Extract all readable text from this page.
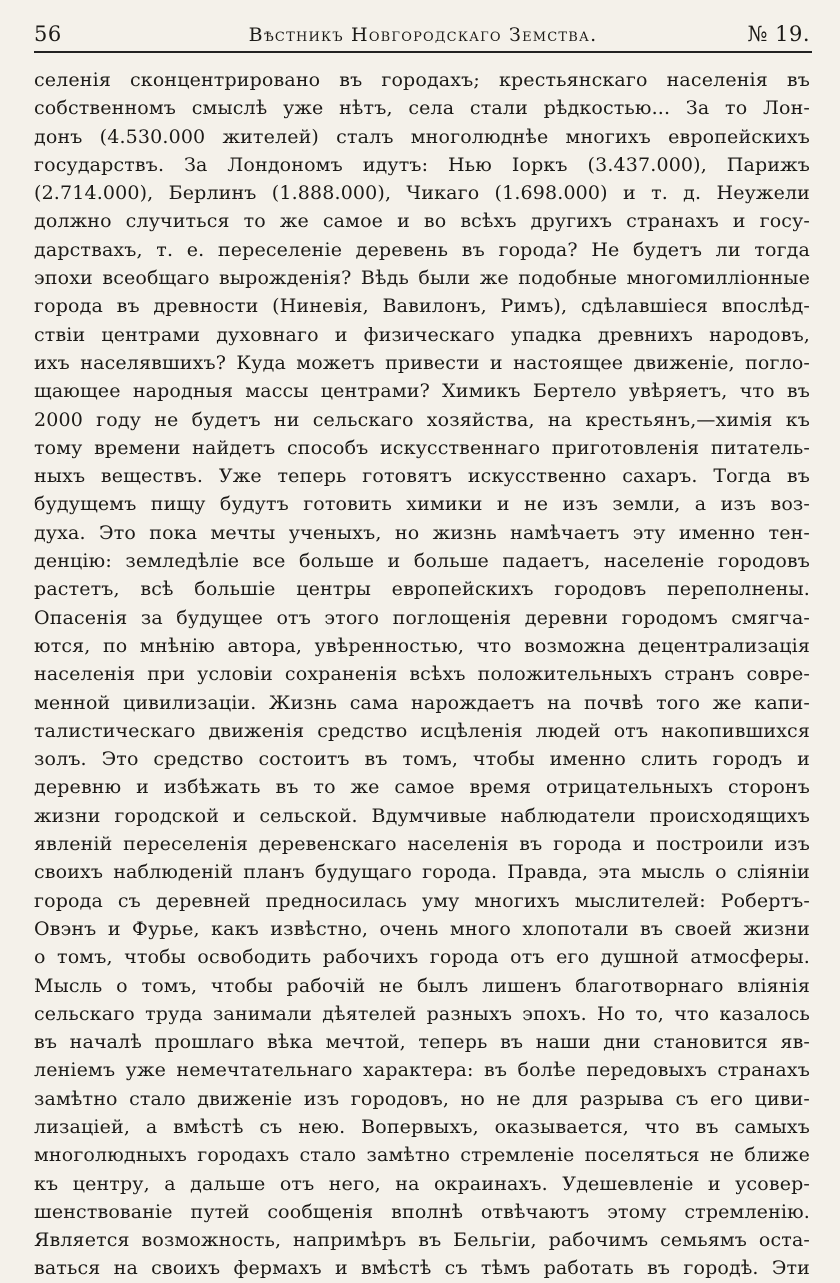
56	Вѣстникъ Новгородскаго Земства.	№ 19.
селенія сконцентрировано въ городахъ; крестьянскаго населенія въ
собственномъ смыслѣ уже нѣтъ, села стали рѣдкостью... За то Лон-
донъ (4.530.000 жителей) сталъ многолюднѣе многихъ европейскихъ
государствъ. За Лондономъ идутъ: Нью Іоркъ (3.437.000), Парижъ
(2.714.000), Берлинъ (1.888.000), Чикаго (1.698.000) и т. д. Неужели
должно случиться то же самое и во всѣхъ другихъ странахъ и госу-
дарствахъ, т. е. переселеніе деревень въ города? Не будетъ ли тогда
эпохи всеобщаго вырожденія? Вѣдь были же подобные многомилліонные
города въ древности (Ниневія, Вавилонъ, Римъ), сдѣлавшіеся впослѣд-
ствіи центрами духовнаго и физическаго упадка древнихъ народовъ,
ихъ населявшихъ? Куда можетъ привести и настоящее движеніе, погло-
щающее народныя массы центрами? Химикъ Бертело увѣряетъ, что въ
2000 году не будетъ ни сельскаго хозяйства, на крестьянъ,—химія къ
тому времени найдетъ способъ искусственнаго приготовленія питатель-
ныхъ веществъ. Уже теперь готовятъ искусственно сахаръ. Тогда въ
будущемъ пищу будутъ готовить химики и не изъ земли, а изъ воз-
духа. Это пока мечты ученыхъ, но жизнь намѣчаетъ эту именно тен-
денцію: земледѣліе все больше и больше падаетъ, населеніе городовъ
растетъ, всѣ большіе центры европейскихъ городовъ переполнены.
Опасенія за будущее отъ этого поглощенія деревни городомъ смягча-
ются, по мнѣнію автора, увѣренностью, что возможна децентрализація
населенія при условіи сохраненія всѣхъ положительныхъ странъ совре-
менной цивилизаціи. Жизнь сама нарождаетъ на почвѣ того же капи-
талистическаго движенія средство исцѣленія людей отъ накопившихся
золъ. Это средство состоитъ въ томъ, чтобы именно слить городъ и
деревню и избѣжать въ то же самое время отрицательныхъ сторонъ
жизни городской и сельской. Вдумчивые наблюдатели происходящихъ
явленій переселенія деревенскаго населенія въ города и построили изъ
своихъ наблюденій планъ будущаго города. Правда, эта мысль о сліяніи
города съ деревней предносилась уму многихъ мыслителей: Робертъ-
Овэнъ и Фурье, какъ извѣстно, очень много хлопотали въ своей жизни
о томъ, чтобы освободить рабочихъ города отъ его душной атмосферы.
Мысль о томъ, чтобы рабочій не былъ лишенъ благотворнаго вліянія
сельскаго труда занимали дѣятелей разныхъ эпохъ. Но то, что казалось
въ началѣ прошлаго вѣка мечтой, теперь въ наши дни становится яв-
леніемъ уже немечтательнаго характера: въ болѣе передовыхъ странахъ
замѣтно стало движеніе изъ городовъ, но не для разрыва съ его циви-
лизаціей, а вмѣстѣ съ нею. Вопервыхъ, оказывается, что въ самыхъ
многолюдныхъ городахъ стало замѣтно стремленіе поселяться не ближе
къ центру, а дальше отъ него, на окраинахъ. Удешевленіе и усовер-
шенствованіе путей сообщенія вполнѣ отвѣчаютъ этому стремленію.
Является возможность, напримѣръ въ Бельгіи, рабочимъ семьямъ оста-
ваться на своихъ фермахъ и вмѣстѣ съ тѣмъ работать въ городѣ. Эти
